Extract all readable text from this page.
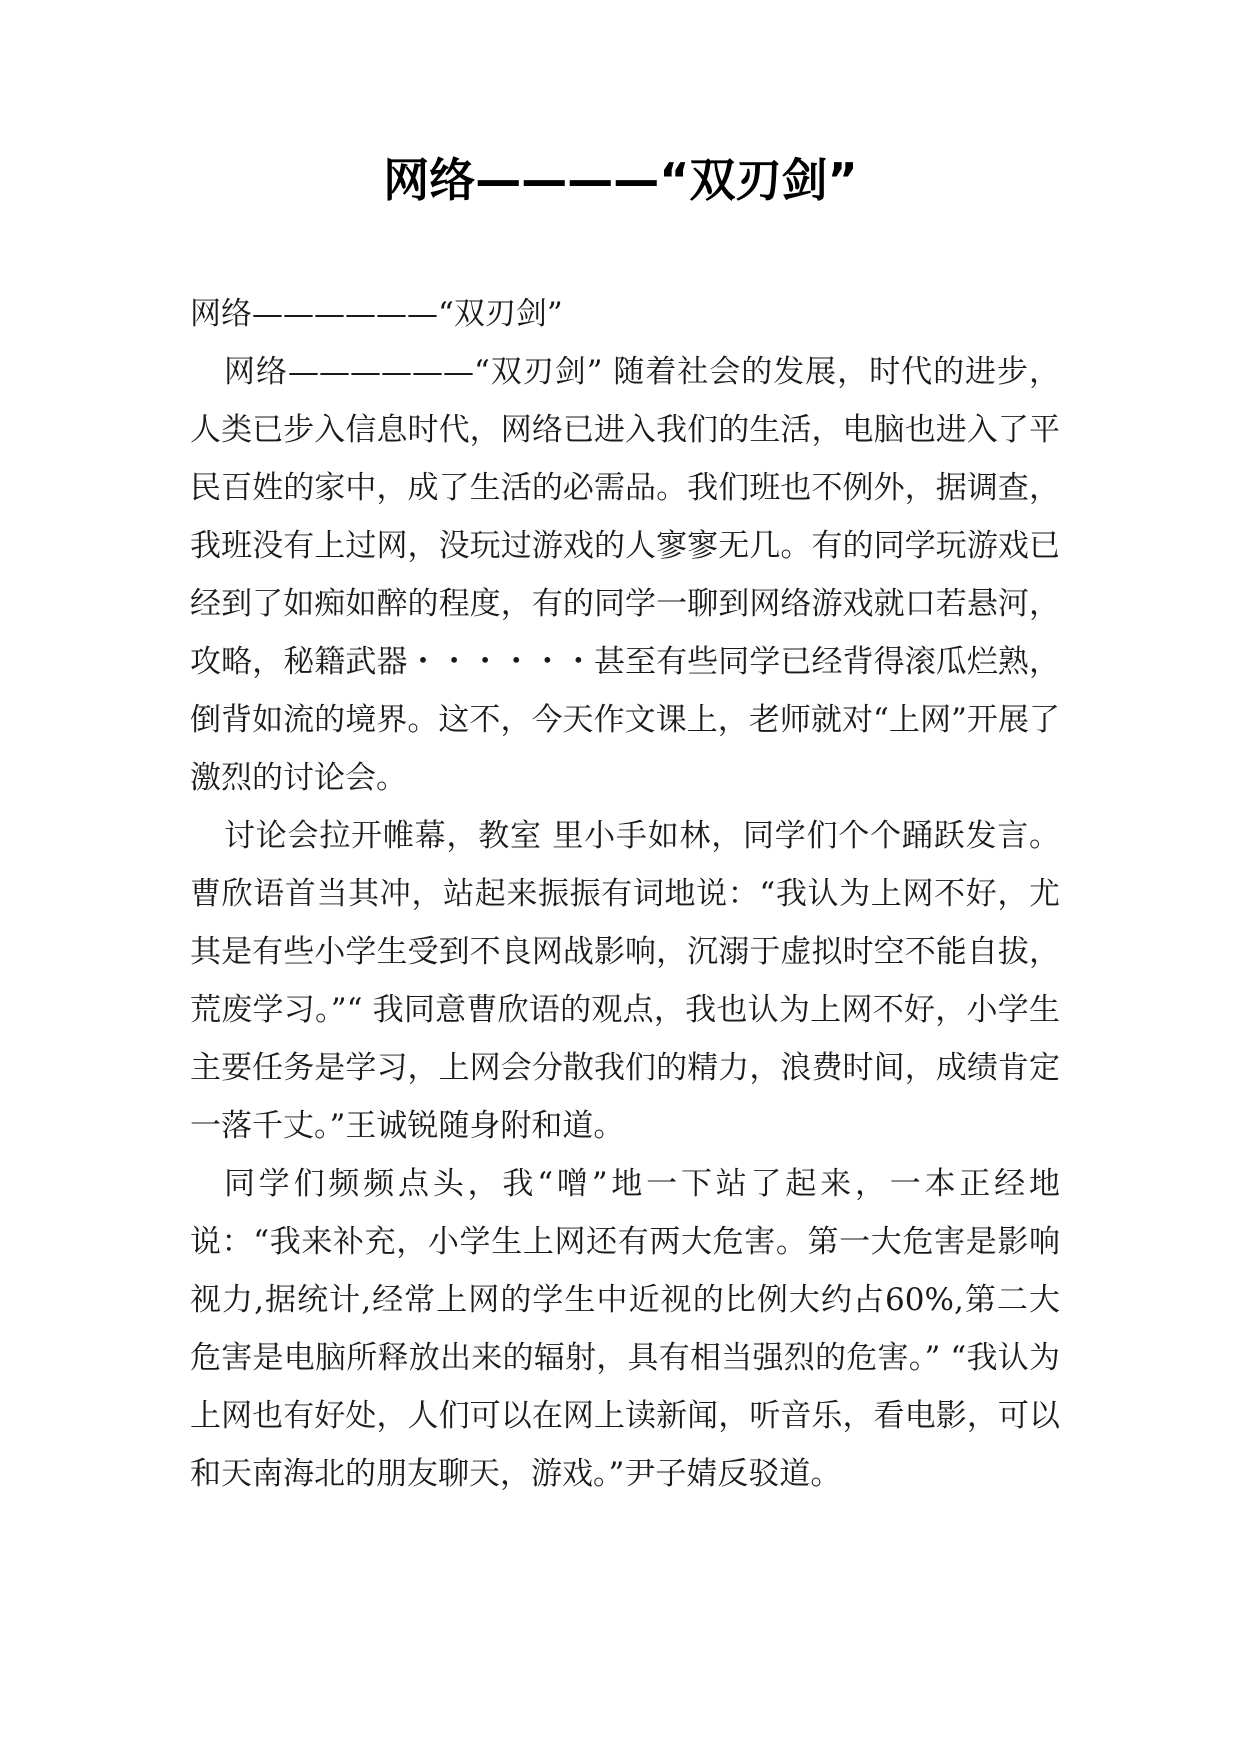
网络————“双刃剑”

网络——————“双刃剑”

网络——————“双刃剑” 随着社会的发展，时代的进步，人类已步入信息时代，网络已进入我们的生活，电脑也进入了平民百姓的家中，成了生活的必需品。我们班也不例外，据调查，我班没有上过网，没玩过游戏的人寥寥无几。有的同学玩游戏已经到了如痴如醉的程度，有的同学一聊到网络游戏就口若悬河，攻略，秘籍武器・・・・・・甚至有些同学已经背得滚瓜烂熟，倒背如流的境界。这不，今天作文课上，老师就对“上网”开展了激烈的讨论会。

讨论会拉开帷幕，教室 里小手如林，同学们个个踊跃发言。曹欣语首当其冲，站起来振振有词地说：“我认为上网不好，尤其是有些小学生受到不良网战影响，沉溺于虚拟时空不能自拔，荒废学习。”“ 我同意曹欣语的观点，我也认为上网不好，小学生主要任务是学习，上网会分散我们的精力，浪费时间，成绩肯定一落千丈。”王诚锐随身附和道。

同学们频频点头，我“噌”地一下站了起来，一本正经地说：“我来补充，小学生上网还有两大危害。第一大危害是影响视力,据统计,经常上网的学生中近视的比例大约占60%,第二大危害是电脑所释放出来的辐射，具有相当强烈的危害。” “我认为上网也有好处，人们可以在网上读新闻，听音乐，看电影，可以和天南海北的朋友聊天，游戏。”尹子婧反驳道。
